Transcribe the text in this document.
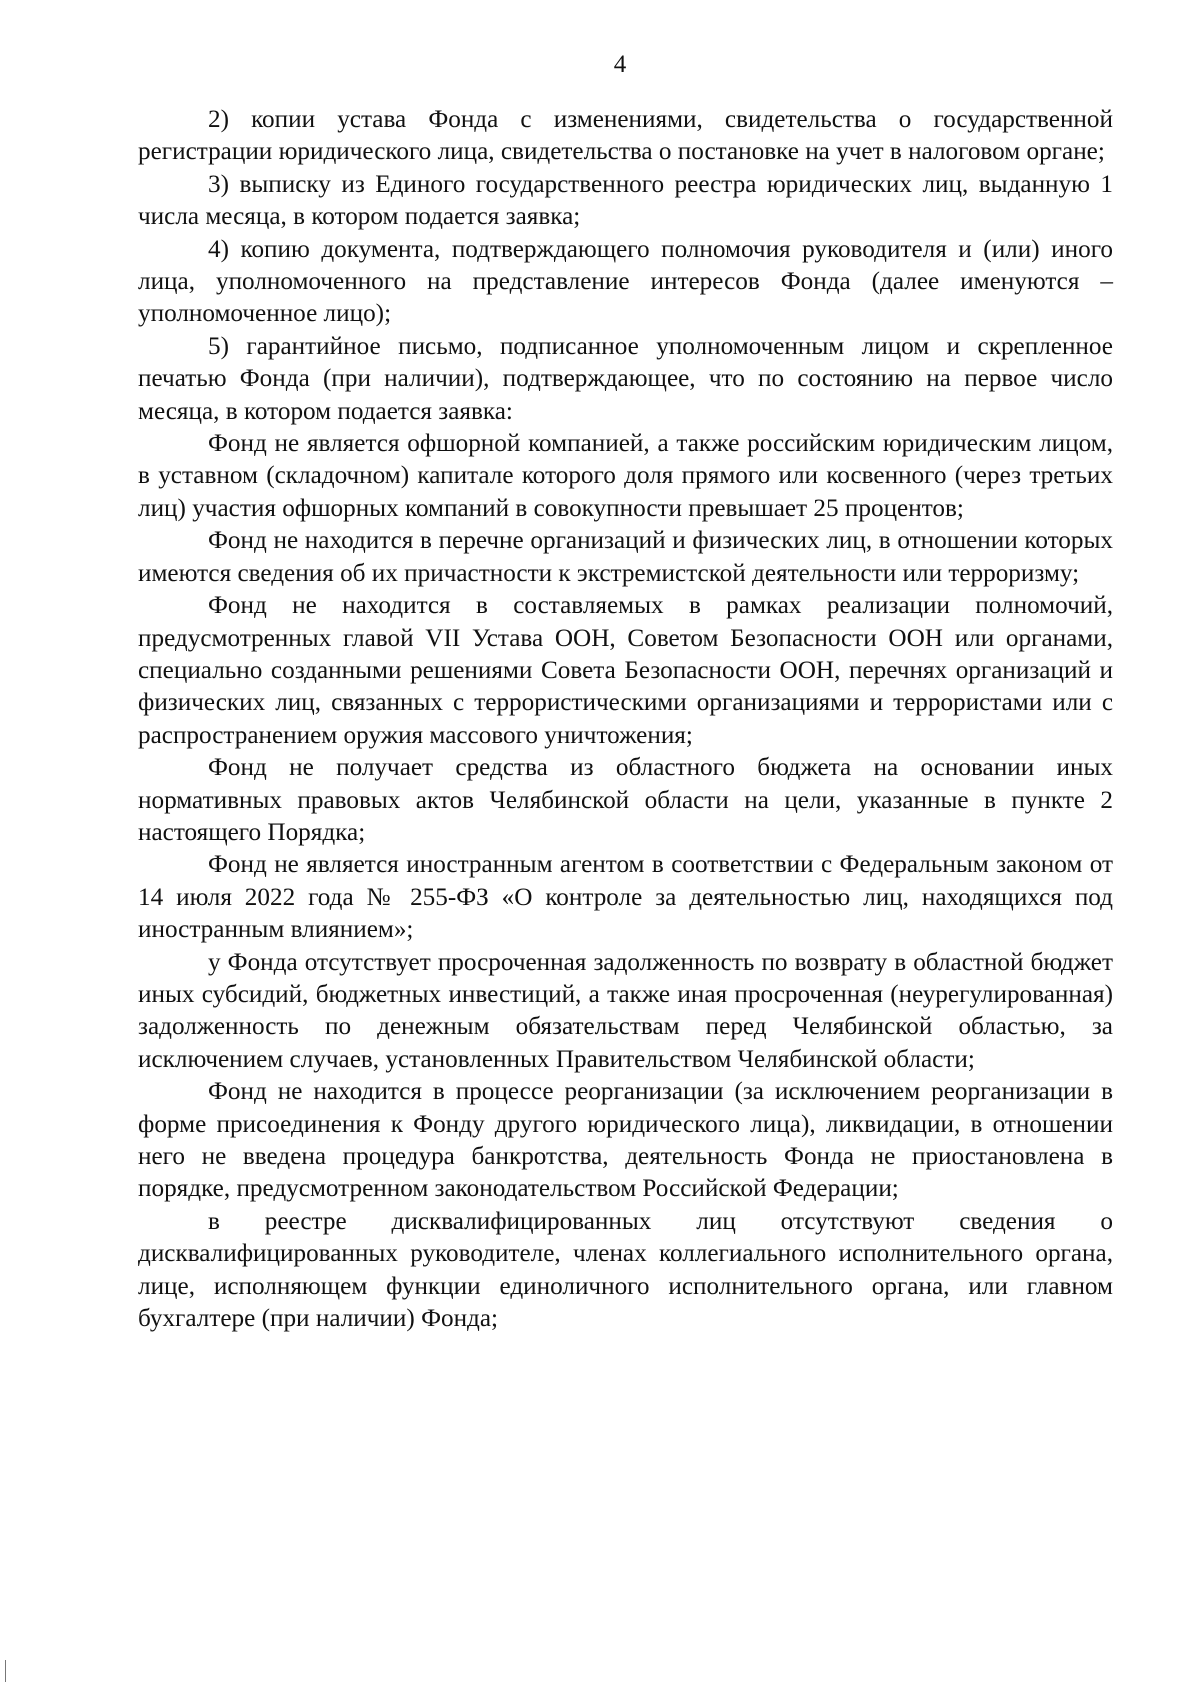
4

2) копии устава Фонда с изменениями, свидетельства о государственной регистрации юридического лица, свидетельства о постановке на учет в налоговом органе;

3) выписку из Единого государственного реестра юридических лиц, выданную 1 числа месяца, в котором подается заявка;

4) копию документа, подтверждающего полномочия руководителя и (или) иного лица, уполномоченного на представление интересов Фонда (далее именуются – уполномоченное лицо);

5) гарантийное письмо, подписанное уполномоченным лицом и скрепленное печатью Фонда (при наличии), подтверждающее, что по состоянию на первое число месяца, в котором подается заявка:

Фонд не является офшорной компанией, а также российским юридическим лицом, в уставном (складочном) капитале которого доля прямого или косвенного (через третьих лиц) участия офшорных компаний в совокупности превышает 25 процентов;

Фонд не находится в перечне организаций и физических лиц, в отношении которых имеются сведения об их причастности к экстремистской деятельности или терроризму;

Фонд не находится в составляемых в рамках реализации полномочий, предусмотренных главой VII Устава ООН, Советом Безопасности ООН или органами, специально созданными решениями Совета Безопасности ООН, перечнях организаций и физических лиц, связанных с террористическими организациями и террористами или с распространением оружия массового уничтожения;

Фонд не получает средства из областного бюджета на основании иных нормативных правовых актов Челябинской области на цели, указанные в пункте 2 настоящего Порядка;

Фонд не является иностранным агентом в соответствии с Федеральным законом от 14 июля 2022 года № 255-ФЗ «О контроле за деятельностью лиц, находящихся под иностранным влиянием»;

у Фонда отсутствует просроченная задолженность по возврату в областной бюджет иных субсидий, бюджетных инвестиций, а также иная просроченная (неурегулированная) задолженность по денежным обязательствам перед Челябинской областью, за исключением случаев, установленных Правительством Челябинской области;

Фонд не находится в процессе реорганизации (за исключением реорганизации в форме присоединения к Фонду другого юридического лица), ликвидации, в отношении него не введена процедура банкротства, деятельность Фонда не приостановлена в порядке, предусмотренном законодательством Российской Федерации;

в реестре дисквалифицированных лиц отсутствуют сведения о дисквалифицированных руководителе, членах коллегиального исполнительного органа, лице, исполняющем функции единоличного исполнительного органа, или главном бухгалтере (при наличии) Фонда;
